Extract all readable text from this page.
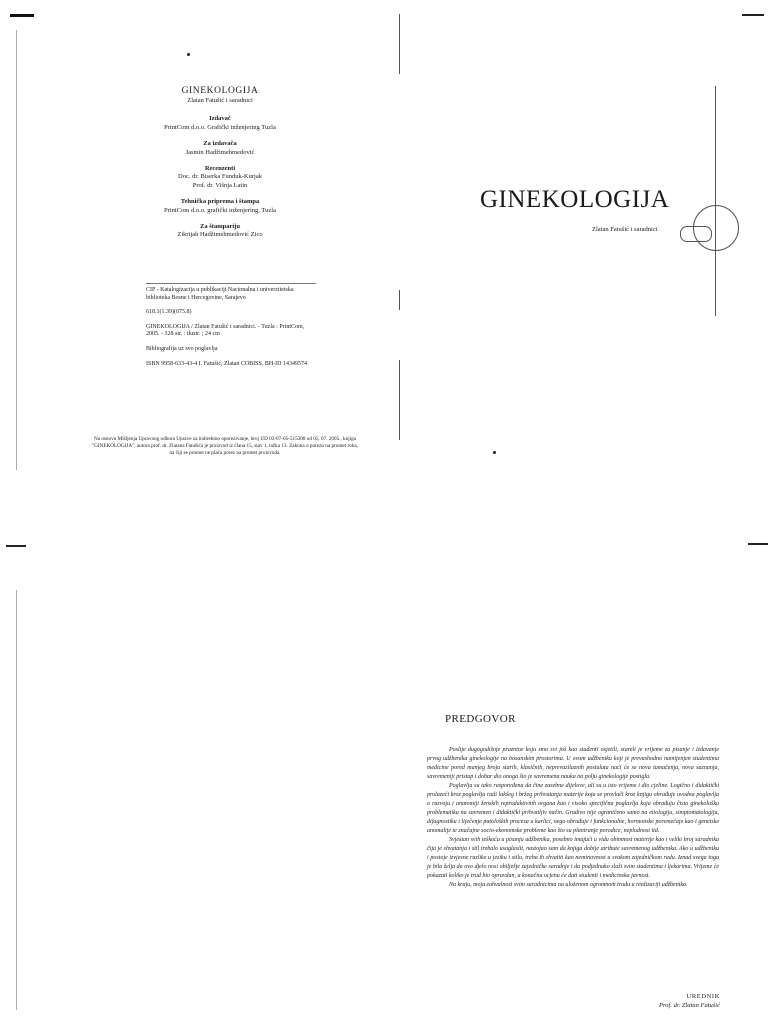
GINEKOLOGIJA
Zlatan Fatušić i saradnici
Izdavač
PrintCom d.o.o. Grafički inženjering Tuzla
Za izdavača
Jasmin Hadžimehmedović
Recenzenti
Doc. dr. Biserka Funduk-Kurjak
Prof. dr. Višnja Latin
Tehnička priprema i štampa
PrintCom d.o.o. grafički inženjering, Tuzla
Za štampariju
Zikrijah Hadžimehmedović Zico

CIP - Katalogizacija u publikaciji Nacionalna i univerzitetska biblioteka Bosne i Hercegovine, Sarajevo

618.1(1.39)(075.8)

GINEKOLOGIJA / Zlatan Fatušić i saradnici. - Tuzla : PrintCom, 2005. - 328 str. : ilustr. ; 24 cm

Bibliografija uz svo poglavlja

ISBN 9958-633-43-4 I. Fatušić, Zlatan COBISS. BH-ID 14349574

Na osnovu Mišljenja Upravnog odbora Uprave za indirektno oporezivanje, broj UD 03-07-05-515308 od 05. 07. 2005., knjiga "GINEKOLOGIJA", autora prof. dr. Zlatana Fatušića je proizvod iz člana 15, stav 1, tačka 13. Zakona o porezu na promet roba, na čiji se promet ne plaća porez na promet proizvoda.
GINEKOLOGIJA
Zlatan Fatušić i saradnici
PREDGOVOR

Poslije dugogodišnje praznine koju smo svi još kao studenti osjetili, stareli je vrijeme za pisanje i izdavanje prvog udžbenika ginekologije na bosanskim prostorima. U ovom udžbeniku koji je prevashodno namijenjen studentima medicine pored manjeg broja starih, klasičnih, neprevazilaznih postulata naći će se nova tumačenja, nova saznanja, savremeniji pristup i dobar dio onoga što je savremena nauka na polju ginekologije postigla.

Poglavlja su tako raspoređena da čine zasebne dijelove, ali su u isto vrijeme i dio cjeline. Logično i didaktički prolazeći kroz poglavlja radi lakšeg i bržeg prihvatanja materije koja se provlači kroz knjigu obrađuje uvodna poglavlja o razvoju i anatomiji ženskih reproduktivnih organa kao i visoko specifična poglavlja koja obrađuju čisto ginekološku problematiku na savremen i didaktički prihvatljiv način. Gradivo nije ograničeno samo na etiologiju, simptomatologiju, dijagnostiku i liječenje patoloških procesa u karlici, nego obrađuje i funkcionalne, hormonske poremećaje kao i genetske anomalije te značajne socio-ekonomske probleme kao što su planiranje porodice, neplodnost itd.

Svjestan svih teškoća u pisanju udžbenika, posebno imajući u vidu obimnost materije kao i veliki broj saradnika čija je shvatanja i stil trebalo usaglasiti, nastojao sam da knjiga dobije atribute savremenog udžbenika. Ako u udžbeniku i postoje izvjesne razlike u jeziku i stilu, treba ih shvatiti kao neminovnost u svakom zajedničkom radu. Iznad svega toga je bila želja da ovo djelo nosi obilježje zajedničke saradnje i da podjednako služi svim studentima i ljekarima. Vrijeme će pokazati koliko je trud bio opravdan, a konačnu ocjenu će dati studenti i medicinska javnost.

Na kraju, moja zahvalnost svim saradnicima na uloženom ogromnom trudu u realizaciji udžbenika.

UREDNIK
Prof. dr. Zlatan Fatušić
